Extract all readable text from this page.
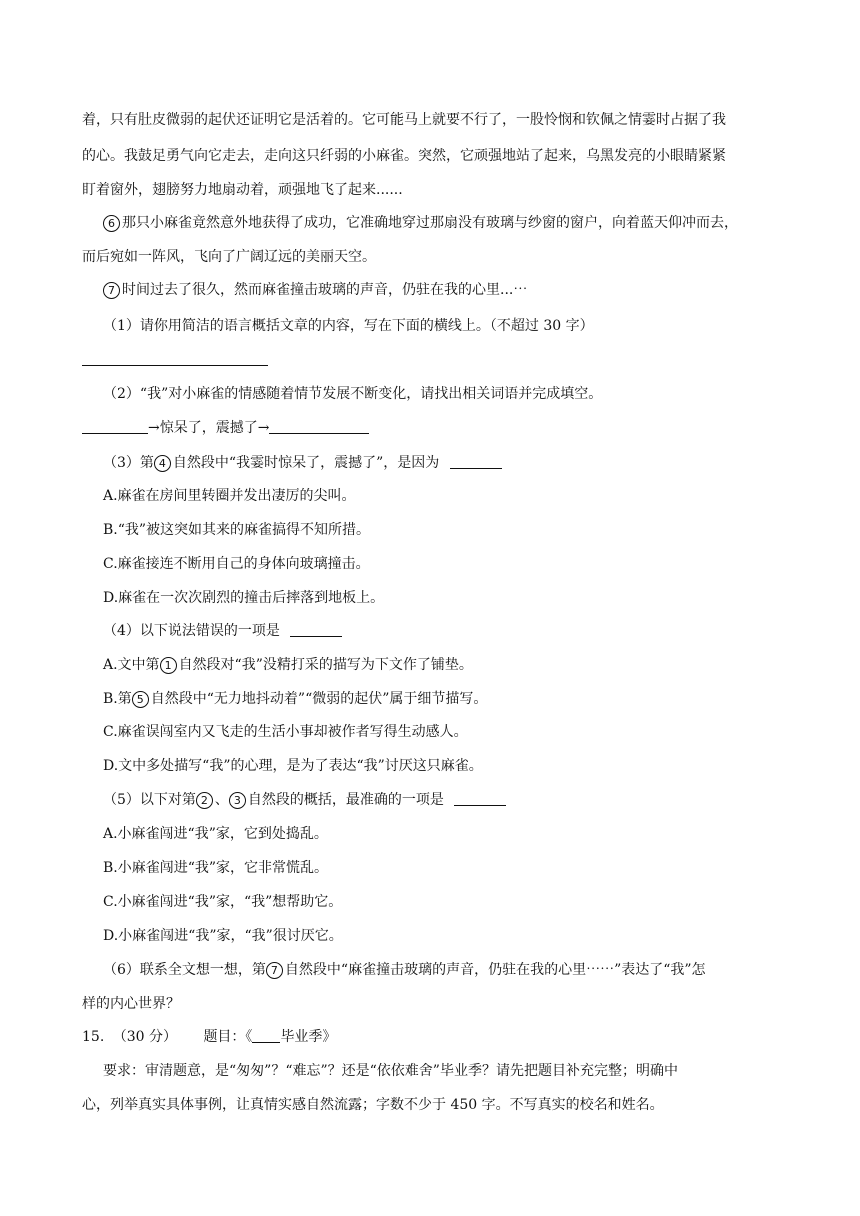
着，只有肚皮微弱的起伏还证明它是活着的。它可能马上就要不行了，一股怜悯和钦佩之情霎时占据了我
的心。我鼓足勇气向它走去，走向这只纤弱的小麻雀。突然，它顽强地站了起来，乌黑发亮的小眼睛紧紧
盯着窗外，翅膀努力地扇动着，顽强地飞了起来......
6 那只小麻雀竟然意外地获得了成功，它准确地穿过那扇没有玻璃与纱窗的窗户，向着蓝天仰冲而去，
而后宛如一阵风，飞向了广阔辽远的美丽天空。
7 时间过去了很久，然而麻雀撞击玻璃的声音，仍驻在我的心里...⋯
（1）请你用简洁的语言概括文章的内容，写在下面的横线上。（不超过 30 字）
（2）“我”对小麻雀的情感随着情节发展不断变化，请找出相关词语并完成填空。
→惊呆了，震撼了→
（3）第 4 自然段中“我霎时惊呆了，震撼了”，是因为
A.麻雀在房间里转圈并发出凄厉的尖叫。
B.“我”被这突如其来的麻雀搞得不知所措。
C.麻雀接连不断用自己的身体向玻璃撞击。
D.麻雀在一次次剧烈的撞击后摔落到地板上。
（4）以下说法错误的一项是
A.文中第 1 自然段对“我”没精打采的描写为下文作了铺垫。
B.第 5 自然段中“无力地抖动着”“微弱的起伏”属于细节描写。
C.麻雀误闯室内又飞走的生活小事却被作者写得生动感人。
D.文中多处描写“我”的心理，是为了表达“我”讨厌这只麻雀。
（5）以下对第 2 、 3 自然段的概括，最准确的一项是
A.小麻雀闯进“我”家，它到处捣乱。
B.小麻雀闯进“我”家，它非常慌乱。
C.小麻雀闯进“我”家，“我”想帮助它。
D.小麻雀闯进“我”家，“我”很讨厌它。
（6）联系全文想一想，第 7 自然段中“麻雀撞击玻璃的声音，仍驻在我的心里⋯⋯”表达了“我”怎
样的内心世界？
15. （30 分） 题目：《 毕业季》
要求：审清题意，是“匆匆”？“难忘”？还是“依依难舍”毕业季？请先把题目补充完整；明确中
心，列举真实具体事例，让真情实感自然流露；字数不少于 450 字。不写真实的校名和姓名。
